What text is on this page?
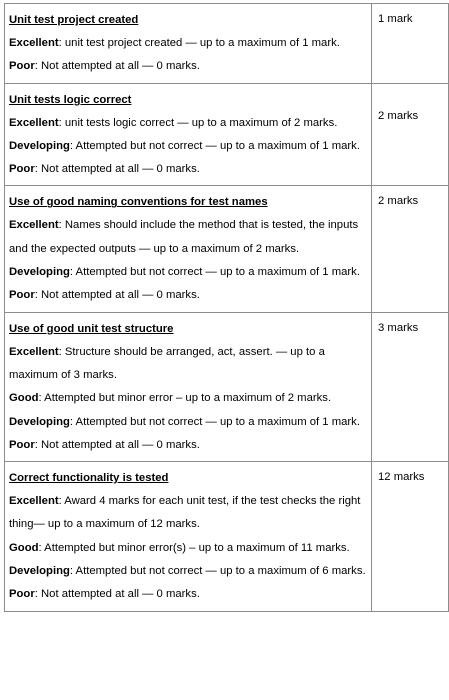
Unit test project created
Excellent: unit test project created — up to a maximum of 1 mark.
Poor: Not attempted at all — 0 marks.	1 mark

Unit tests logic correct
Excellent: unit tests logic correct — up to a maximum of 2 marks.
Developing: Attempted but not correct — up to a maximum of 1 mark.
Poor: Not attempted at all — 0 marks.	2 marks

Use of good naming conventions for test names
Excellent: Names should include the method that is tested, the inputs and the expected outputs — up to a maximum of 2 marks.
Developing: Attempted but not correct — up to a maximum of 1 mark.
Poor: Not attempted at all — 0 marks.	2 marks

Use of good unit test structure
Excellent: Structure should be arranged, act, assert. — up to a maximum of 3 marks.
Good: Attempted but minor error – up to a maximum of 2 marks.
Developing: Attempted but not correct — up to a maximum of 1 mark.
Poor: Not attempted at all — 0 marks.	3 marks

Correct functionality is tested
Excellent: Award 4 marks for each unit test, if the test checks the right thing— up to a maximum of 12 marks.
Good: Attempted but minor error(s) – up to a maximum of 11 marks.
Developing: Attempted but not correct — up to a maximum of 6 marks.
Poor: Not attempted at all — 0 marks.	12 marks
